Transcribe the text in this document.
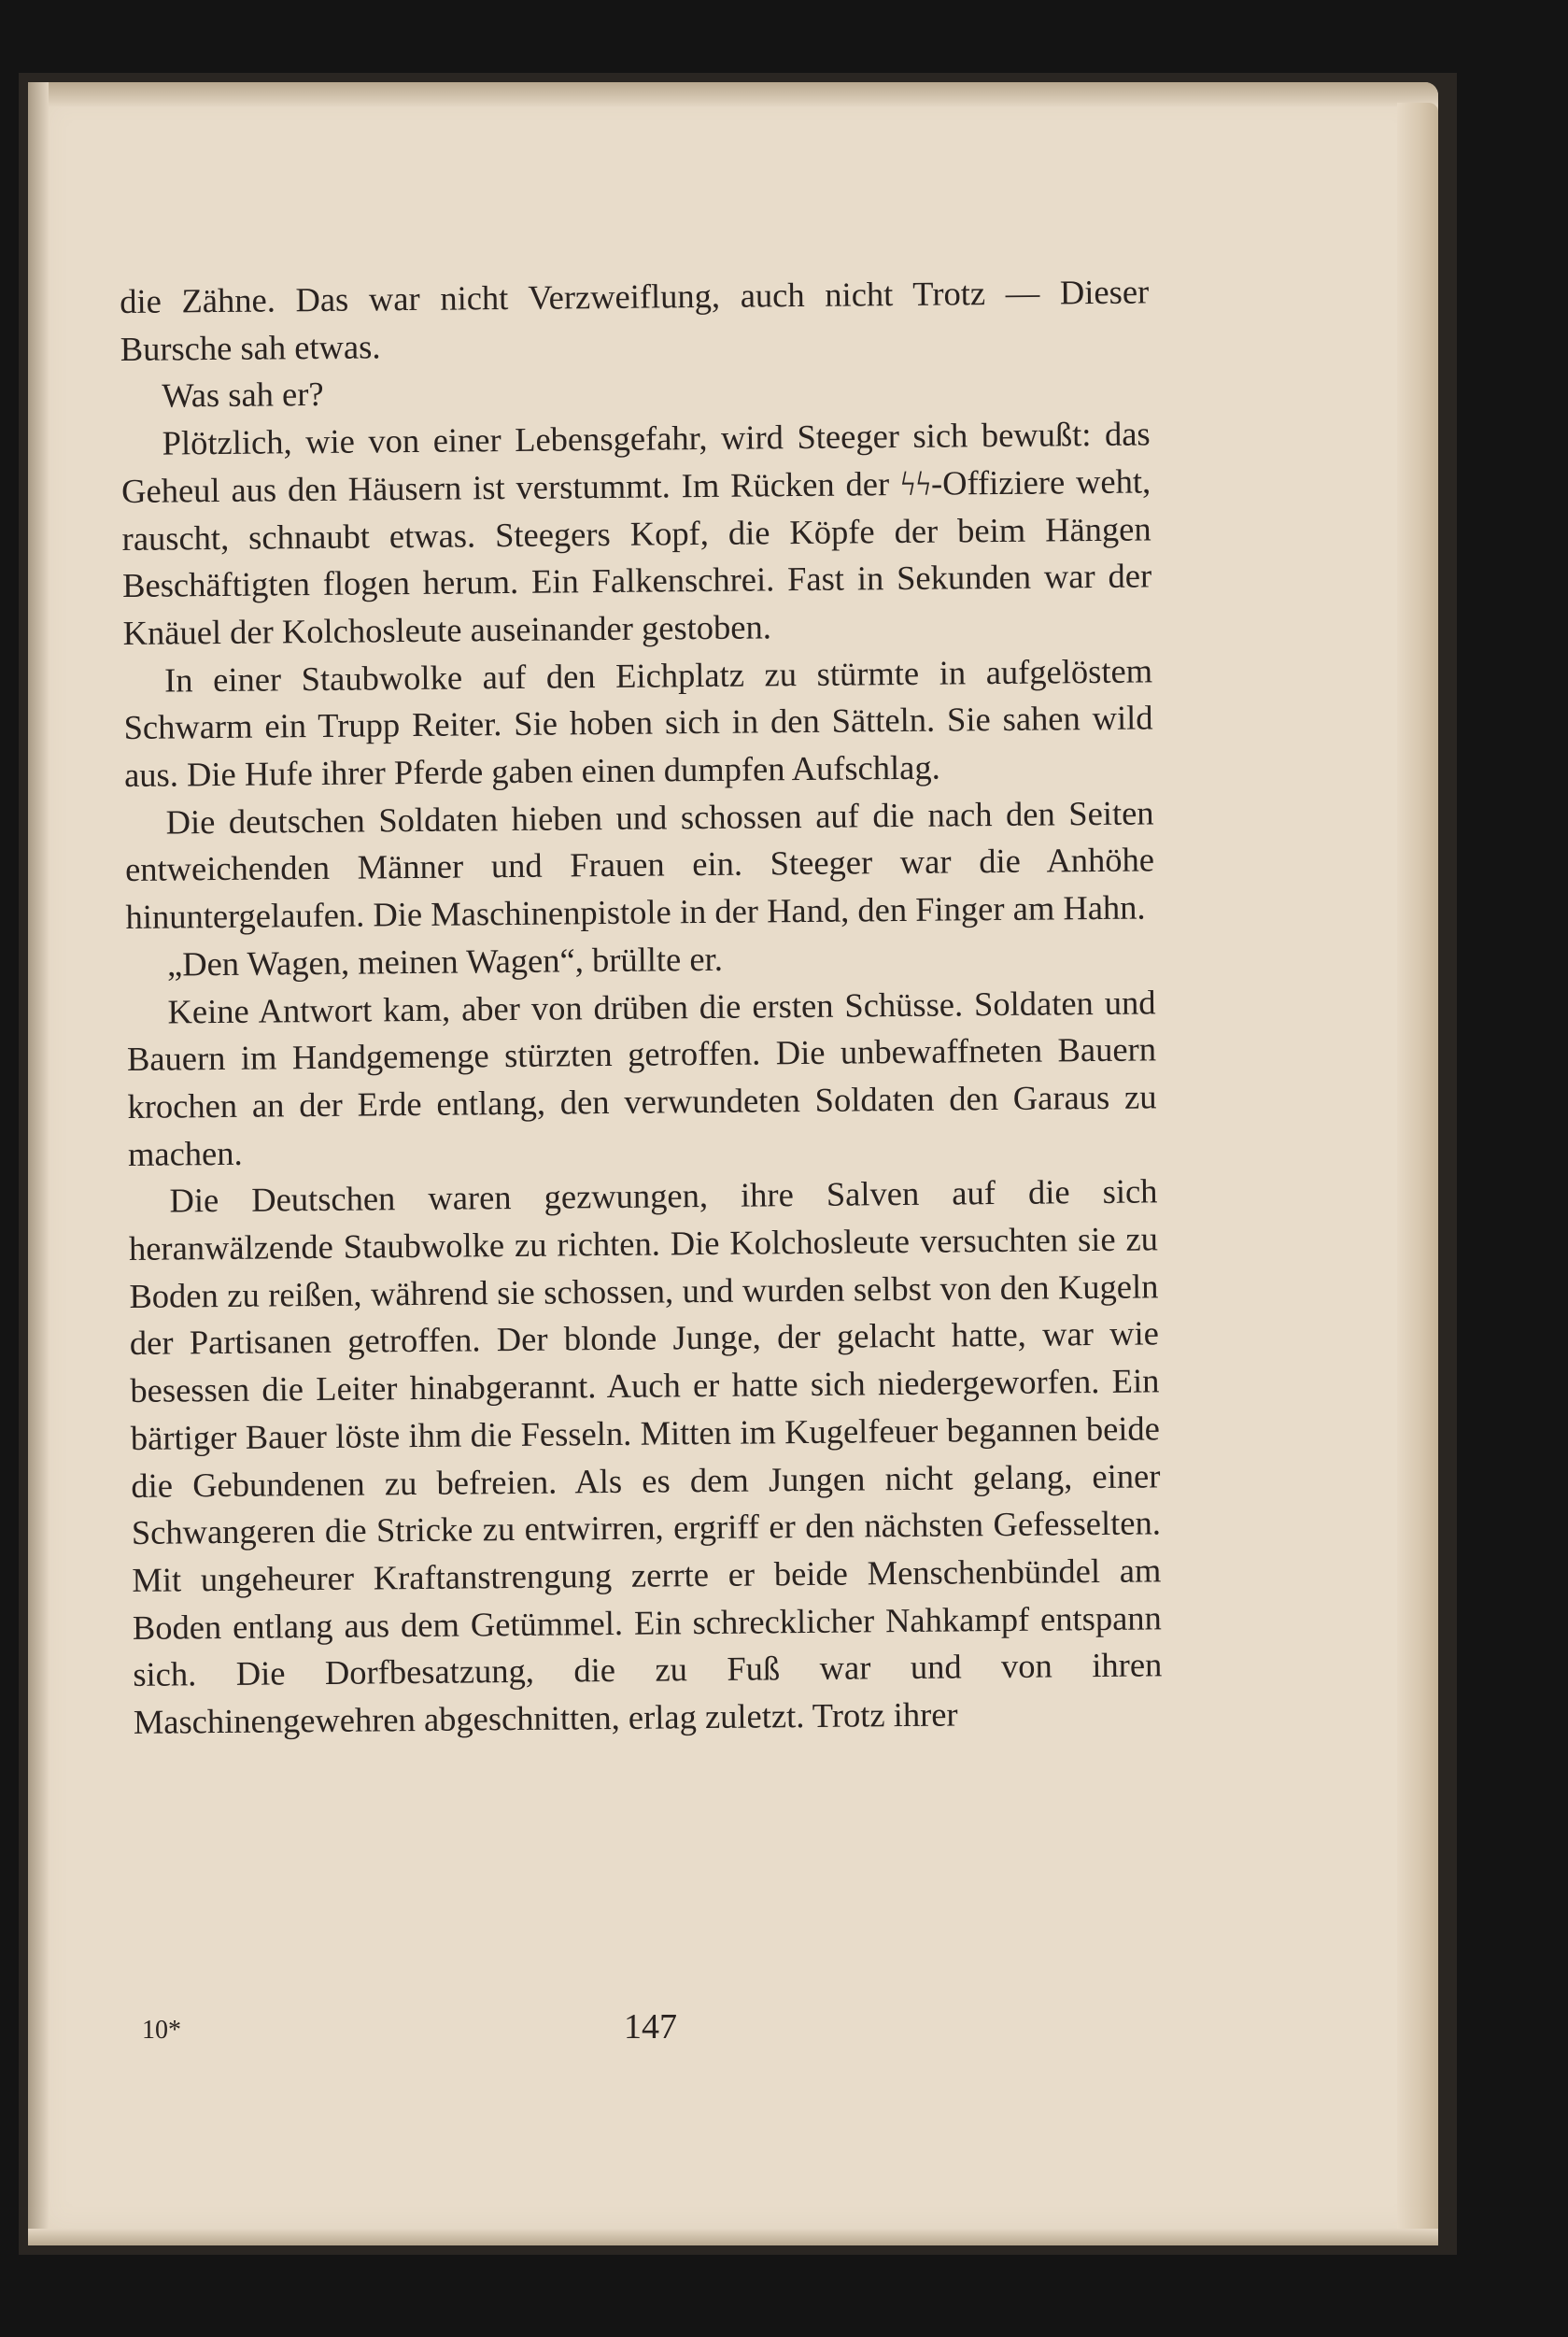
die Zähne. Das war nicht Verzweiflung, auch nicht Trotz — Dieser Bursche sah etwas.

Was sah er?

Plötzlich, wie von einer Lebensgefahr, wird Steeger sich bewußt: das Geheul aus den Häusern ist verstummt. Im Rücken der ϟϟ-Offiziere weht, rauscht, schnaubt etwas. Steegers Kopf, die Köpfe der beim Hängen Beschäftigten flogen herum. Ein Falkenschrei. Fast in Sekunden war der Knäuel der Kolchosleute auseinander gestoben.

In einer Staubwolke auf den Eichplatz zu stürmte in aufgelöstem Schwarm ein Trupp Reiter. Sie hoben sich in den Sätteln. Sie sahen wild aus. Die Hufe ihrer Pferde gaben einen dumpfen Aufschlag.

Die deutschen Soldaten hieben und schossen auf die nach den Seiten entweichenden Männer und Frauen ein. Steeger war die Anhöhe hinuntergelaufen. Die Maschinenpistole in der Hand, den Finger am Hahn.

„Den Wagen, meinen Wagen“, brüllte er.

Keine Antwort kam, aber von drüben die ersten Schüsse. Soldaten und Bauern im Handgemenge stürzten getroffen. Die unbewaffneten Bauern krochen an der Erde entlang, den verwundeten Soldaten den Garaus zu machen.

Die Deutschen waren gezwungen, ihre Salven auf die sich heranwälzende Staubwolke zu richten. Die Kolchosleute versuchten sie zu Boden zu reißen, während sie schossen, und wurden selbst von den Kugeln der Partisanen getroffen. Der blonde Junge, der gelacht hatte, war wie besessen die Leiter hinabgerannt. Auch er hatte sich niedergeworfen. Ein bärtiger Bauer löste ihm die Fesseln. Mitten im Kugelfeuer begannen beide die Gebundenen zu befreien. Als es dem Jungen nicht gelang, einer Schwangeren die Stricke zu entwirren, ergriff er den nächsten Gefesselten. Mit ungeheurer Kraftanstrengung zerrte er beide Menschenbündel am Boden entlang aus dem Getümmel. Ein schrecklicher Nahkampf entspann sich. Die Dorfbesatzung, die zu Fuß war und von ihren Maschinengewehren abgeschnitten, erlag zuletzt. Trotz ihrer

10*	147
